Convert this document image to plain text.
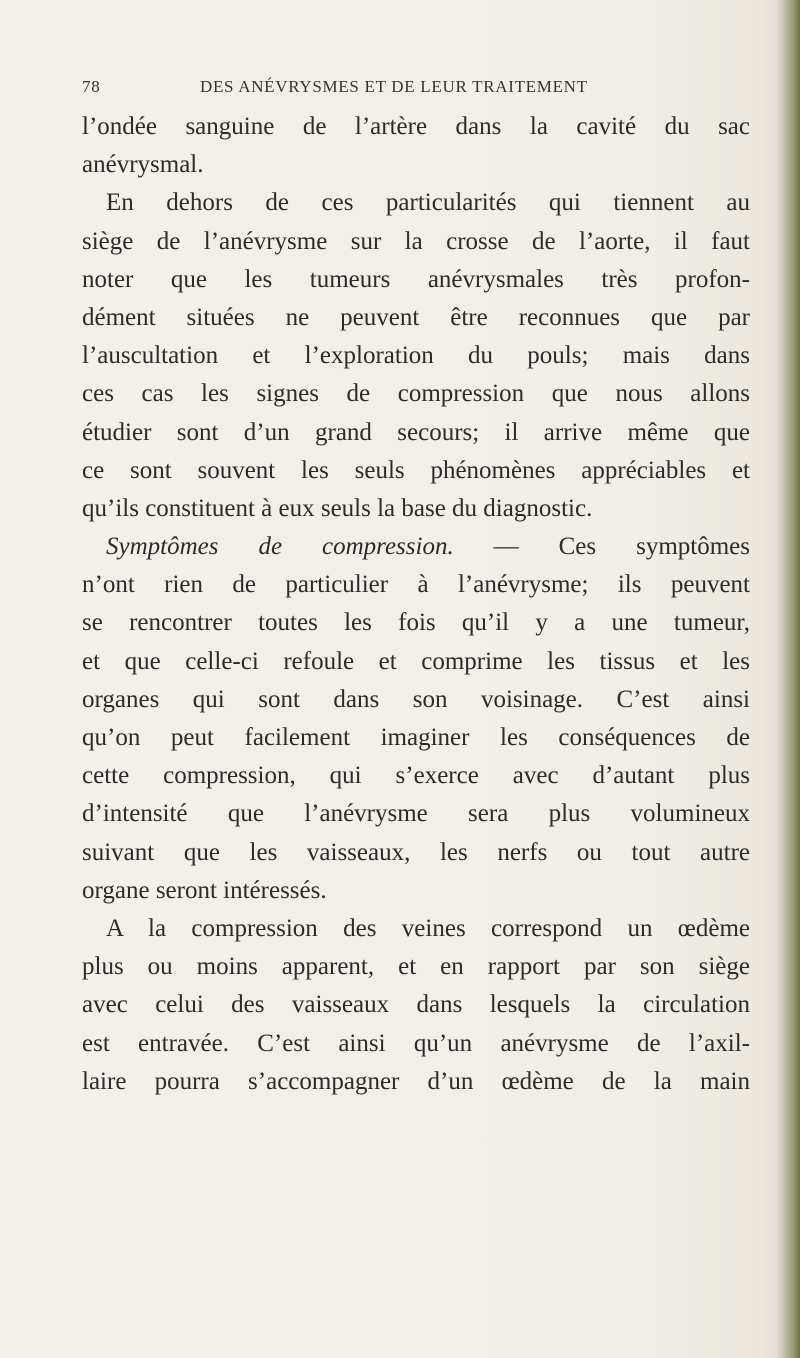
78	DES ANÉVRYSMES ET DE LEUR TRAITEMENT
l’ondée sanguine de l’artère dans la cavité du sac
anévrysmal.
En dehors de ces particularités qui tiennent au
siège de l’anévrysme sur la crosse de l’aorte, il faut
noter que les tumeurs anévrysmales très profon-
dément situées ne peuvent être reconnues que par
l’auscultation et l’exploration du pouls; mais dans
ces cas les signes de compression que nous allons
étudier sont d’un grand secours; il arrive même que
ce sont souvent les seuls phénomènes appréciables et
qu’ils constituent à eux seuls la base du diagnostic.
Symptômes de compression. — Ces symptômes
n’ont rien de particulier à l’anévrysme; ils peuvent
se rencontrer toutes les fois qu’il y a une tumeur,
et que celle-ci refoule et comprime les tissus et les
organes qui sont dans son voisinage. C’est ainsi
qu’on peut facilement imaginer les conséquences de
cette compression, qui s’exerce avec d’autant plus
d’intensité que l’anévrysme sera plus volumineux
suivant que les vaisseaux, les nerfs ou tout autre
organe seront intéressés.
A la compression des veines correspond un œdème
plus ou moins apparent, et en rapport par son siège
avec celui des vaisseaux dans lesquels la circulation
est entravée. C’est ainsi qu’un anévrysme de l’axil-
laire pourra s’accompagner d’un œdème de la main
